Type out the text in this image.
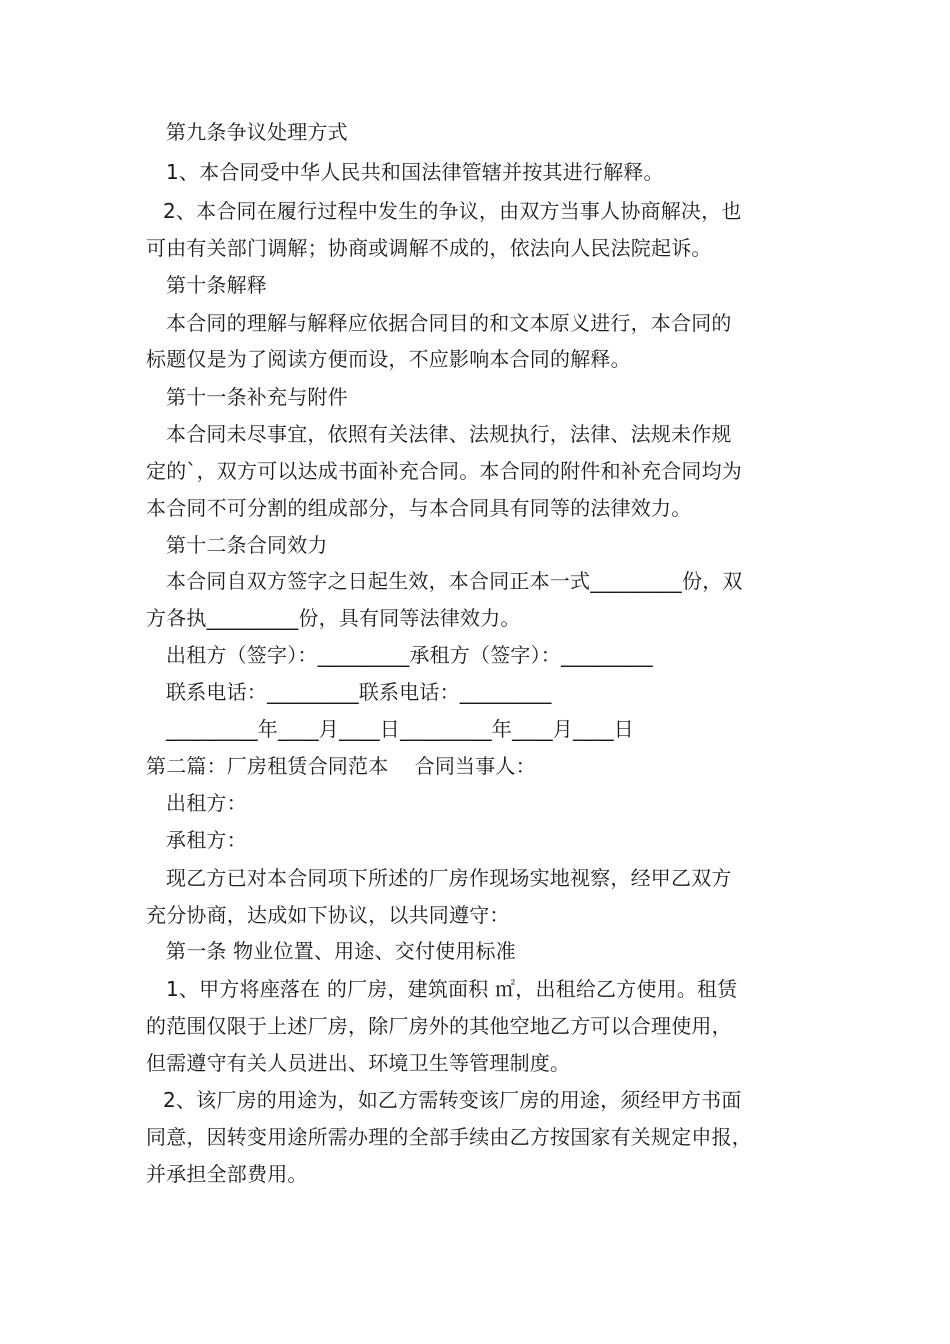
第九条争议处理方式
1、本合同受中华人民共和国法律管辖并按其进行解释。
2、本合同在履行过程中发生的争议，由双方当事人协商解决，也
可由有关部门调解；协商或调解不成的，依法向人民法院起诉。
第十条解释
本合同的理解与解释应依据合同目的和文本原义进行，本合同的
标题仅是为了阅读方便而设，不应影响本合同的解释。
第十一条补充与附件
本合同未尽事宜，依照有关法律、法规执行，法律、法规未作规
定的`，双方可以达成书面补充合同。本合同的附件和补充合同均为
本合同不可分割的组成部分，与本合同具有同等的法律效力。
第十二条合同效力
本合同自双方签字之日起生效，本合同正本一式_________份，双
方各执_________份，具有同等法律效力。
出租方（签字）：_________承租方（签字）：_________
联系电话：_________联系电话：_________
_________年____月____日_________年____月____日
第二篇：厂房租赁合同范本    合同当事人：
出租方：
承租方：
现乙方已对本合同项下所述的厂房作现场实地视察，经甲乙双方
充分协商，达成如下协议，以共同遵守：
第一条 物业位置、用途、交付使用标准
1、甲方将座落在 的厂房，建筑面积 ㎡，出租给乙方使用。租赁
的范围仅限于上述厂房，除厂房外的其他空地乙方可以合理使用，
但需遵守有关人员进出、环境卫生等管理制度。
2、该厂房的用途为，如乙方需转变该厂房的用途，须经甲方书面
同意，因转变用途所需办理的全部手续由乙方按国家有关规定申报，
并承担全部费用。
